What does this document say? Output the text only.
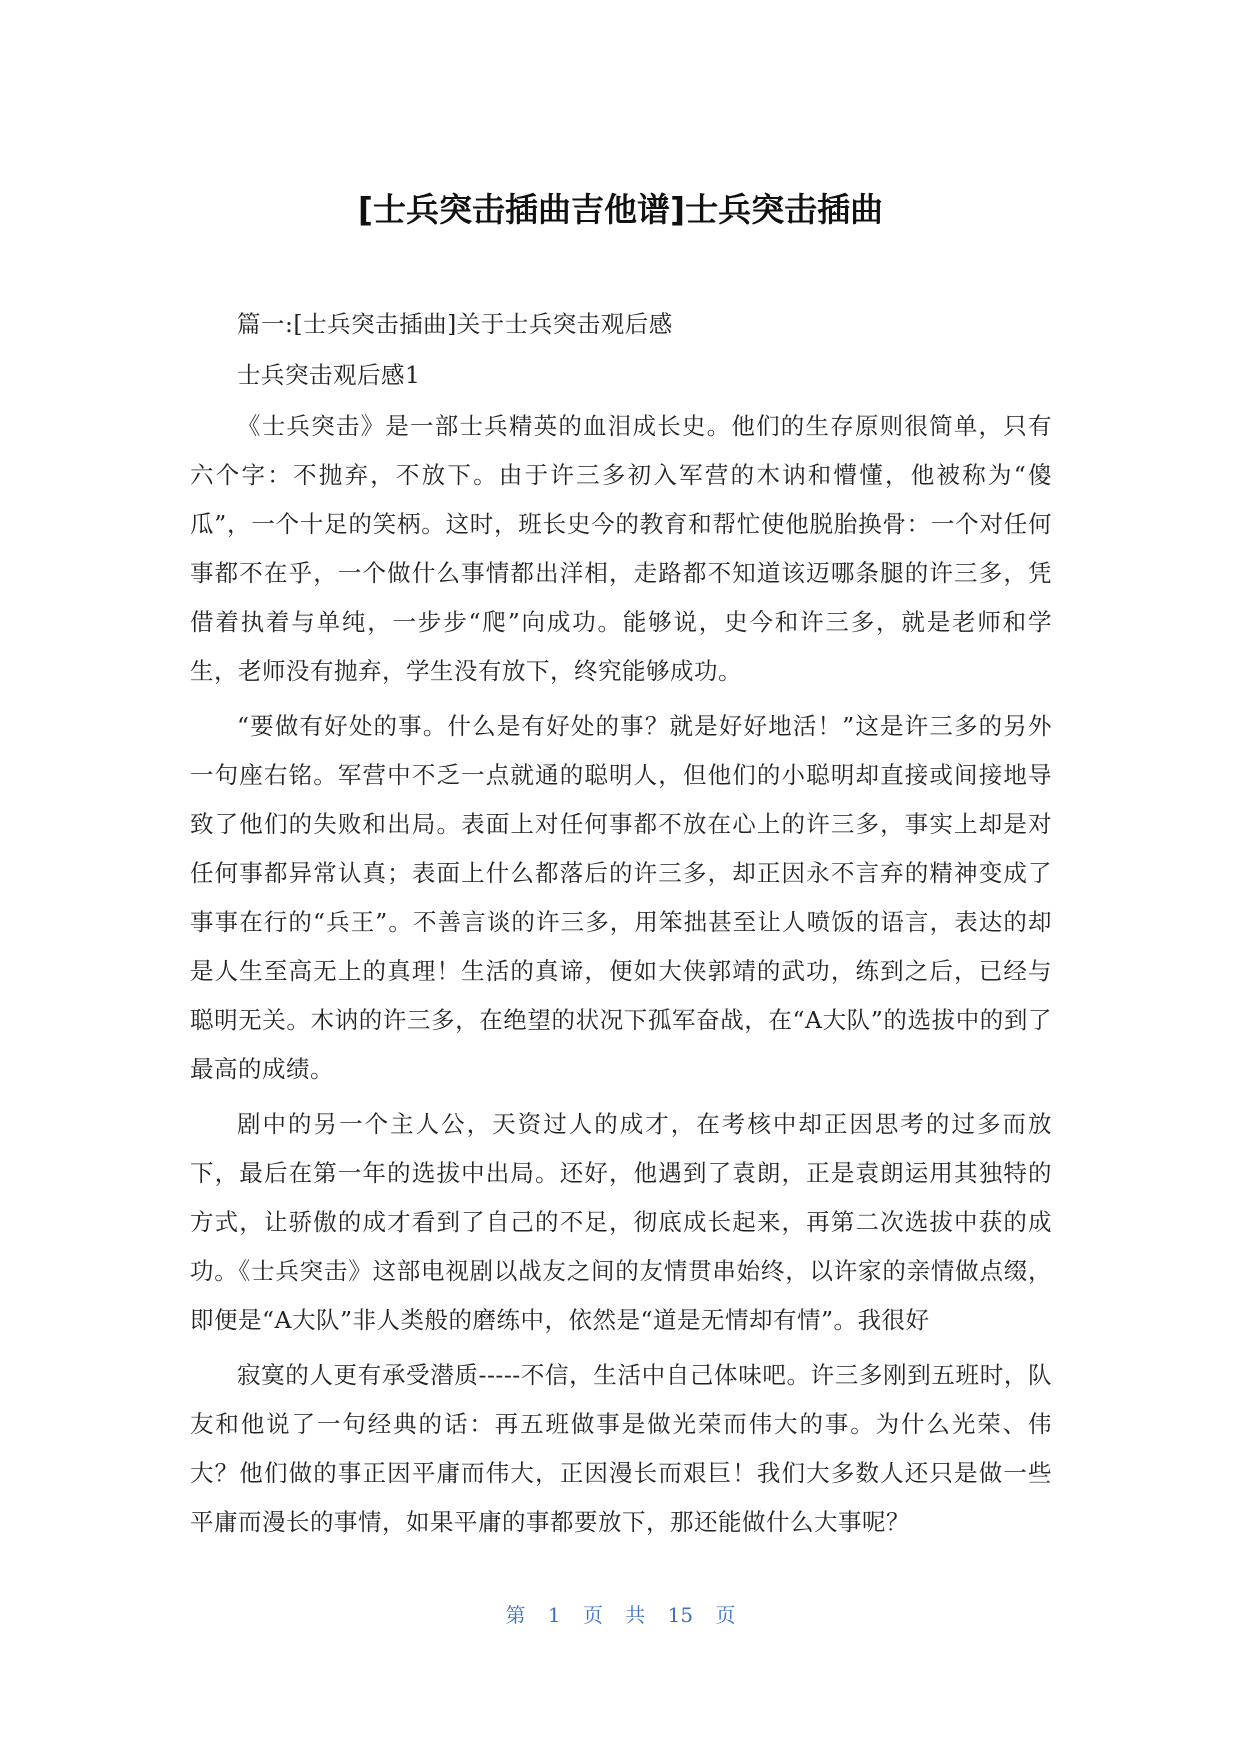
[士兵突击插曲吉他谱]士兵突击插曲

篇一:[士兵突击插曲]关于士兵突击观后感

士兵突击观后感1

《士兵突击》是一部士兵精英的血泪成长史。他们的生存原则很简单，只有六个字：不抛弃，不放下。由于许三多初入军营的木讷和懵懂，他被称为“傻瓜”，一个十足的笑柄。这时，班长史今的教育和帮忙使他脱胎换骨：一个对任何事都不在乎，一个做什么事情都出洋相，走路都不知道该迈哪条腿的许三多，凭借着执着与单纯，一步步“爬”向成功。能够说，史今和许三多，就是老师和学生，老师没有抛弃，学生没有放下，终究能够成功。

“要做有好处的事。什么是有好处的事？就是好好地活！”这是许三多的另外一句座右铭。军营中不乏一点就通的聪明人，但他们的小聪明却直接或间接地导致了他们的失败和出局。表面上对任何事都不放在心上的许三多，事实上却是对任何事都异常认真；表面上什么都落后的许三多，却正因永不言弃的精神变成了事事在行的“兵王”。不善言谈的许三多，用笨拙甚至让人喷饭的语言，表达的却是人生至高无上的真理！生活的真谛，便如大侠郭靖的武功，练到之后，已经与聪明无关。木讷的许三多，在绝望的状况下孤军奋战，在“A大队”的选拔中的到了最高的成绩。

剧中的另一个主人公，天资过人的成才，在考核中却正因思考的过多而放下，最后在第一年的选拔中出局。还好，他遇到了袁朗，正是袁朗运用其独特的方式，让骄傲的成才看到了自己的不足，彻底成长起来，再第二次选拔中获的成功。《士兵突击》这部电视剧以战友之间的友情贯串始终，以许家的亲情做点缀，即便是“A大队”非人类般的磨练中，依然是“道是无情却有情”。我很好

寂寞的人更有承受潜质-----不信，生活中自己体味吧。许三多刚到五班时，队友和他说了一句经典的话：再五班做事是做光荣而伟大的事。为什么光荣、伟大？他们做的事正因平庸而伟大，正因漫长而艰巨！我们大多数人还只是做一些平庸而漫长的事情，如果平庸的事都要放下，那还能做什么大事呢？

第 1 页 共 15 页
